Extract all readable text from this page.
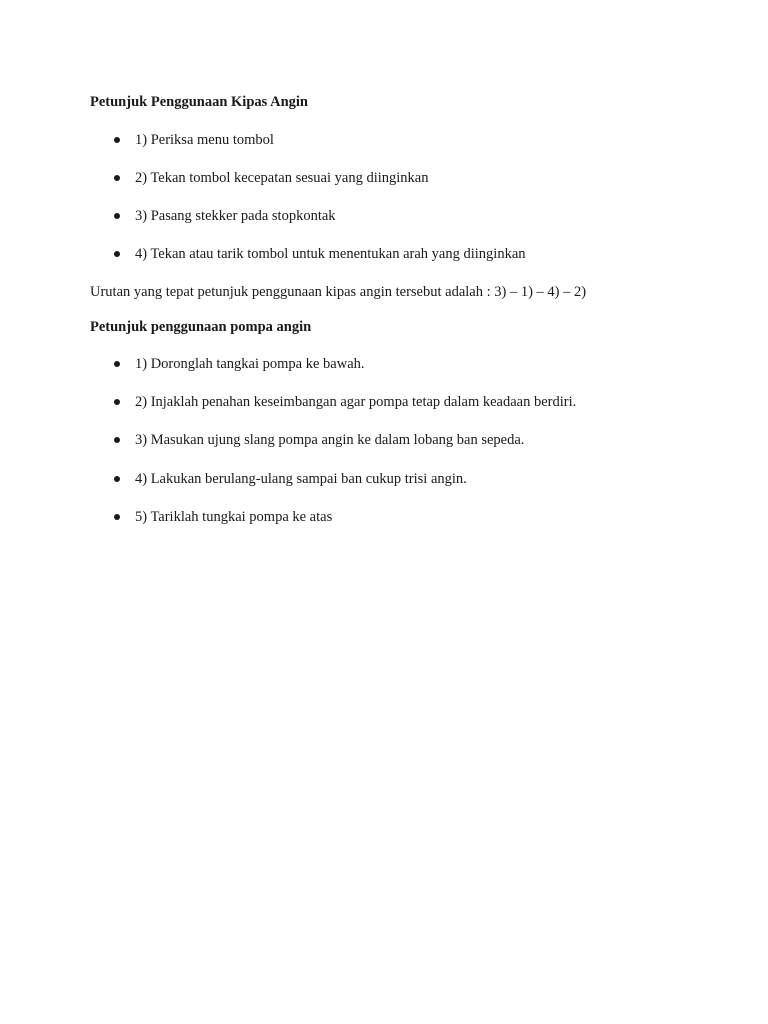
Petunjuk Penggunaan Kipas Angin
1) Periksa menu tombol
2) Tekan tombol kecepatan sesuai yang diinginkan
3) Pasang stekker pada stopkontak
4) Tekan atau tarik tombol untuk menentukan arah yang diinginkan
Urutan yang tepat petunjuk penggunaan kipas angin tersebut adalah : 3) – 1) – 4) – 2)
Petunjuk penggunaan pompa angin
1) Doronglah tangkai pompa ke bawah.
2) Injaklah penahan keseimbangan agar pompa tetap dalam keadaan berdiri.
3) Masukan ujung slang pompa angin ke dalam lobang ban sepeda.
4) Lakukan berulang-ulang sampai ban cukup trisi angin.
5) Tariklah tungkai pompa ke atas
